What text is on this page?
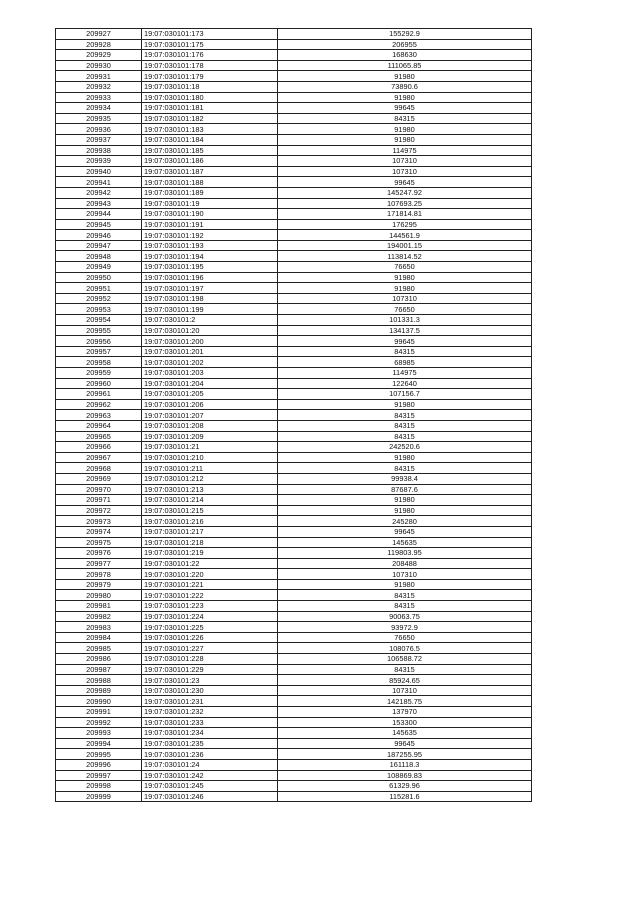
209927	19:07:030101:173	155292.9
209928	19:07:030101:175	206955
209929	19:07:030101:176	168630
209930	19:07:030101:178	111065.85
209931	19:07:030101:179	91980
209932	19:07:030101:18	73890.6
209933	19:07:030101:180	91980
209934	19:07:030101:181	99645
209935	19:07:030101:182	84315
209936	19:07:030101:183	91980
209937	19:07:030101:184	91980
209938	19:07:030101:185	114975
209939	19:07:030101:186	107310
209940	19:07:030101:187	107310
209941	19:07:030101:188	99645
209942	19:07:030101:189	145247.92
209943	19:07:030101:19	107693.25
209944	19:07:030101:190	171814.81
209945	19:07:030101:191	176295
209946	19:07:030101:192	144561.9
209947	19:07:030101:193	194001.15
209948	19:07:030101:194	113814.52
209949	19:07:030101:195	76650
209950	19:07:030101:196	91980
209951	19:07:030101:197	91980
209952	19:07:030101:198	107310
209953	19:07:030101:199	76650
209954	19:07:030101:2	101331.3
209955	19:07:030101:20	134137.5
209956	19:07:030101:200	99645
209957	19:07:030101:201	84315
209958	19:07:030101:202	68985
209959	19:07:030101:203	114975
209960	19:07:030101:204	122640
209961	19:07:030101:205	107156.7
209962	19:07:030101:206	91980
209963	19:07:030101:207	84315
209964	19:07:030101:208	84315
209965	19:07:030101:209	84315
209966	19:07:030101:21	242520.6
209967	19:07:030101:210	91980
209968	19:07:030101:211	84315
209969	19:07:030101:212	99938.4
209970	19:07:030101:213	87687.6
209971	19:07:030101:214	91980
209972	19:07:030101:215	91980
209973	19:07:030101:216	245280
209974	19:07:030101:217	99645
209975	19:07:030101:218	145635
209976	19:07:030101:219	119803.95
209977	19:07:030101:22	208488
209978	19:07:030101:220	107310
209979	19:07:030101:221	91980
209980	19:07:030101:222	84315
209981	19:07:030101:223	84315
209982	19:07:030101:224	90063.75
209983	19:07:030101:225	93972.9
209984	19:07:030101:226	76650
209985	19:07:030101:227	108076.5
209986	19:07:030101:228	106588.72
209987	19:07:030101:229	84315
209988	19:07:030101:23	85924.65
209989	19:07:030101:230	107310
209990	19:07:030101:231	142185.75
209991	19:07:030101:232	137970
209992	19:07:030101:233	153300
209993	19:07:030101:234	145635
209994	19:07:030101:235	99645
209995	19:07:030101:236	187255.95
209996	19:07:030101:24	161118.3
209997	19:07:030101:242	108869.83
209998	19:07:030101:245	61329.96
209999	19:07:030101:246	115281.6
